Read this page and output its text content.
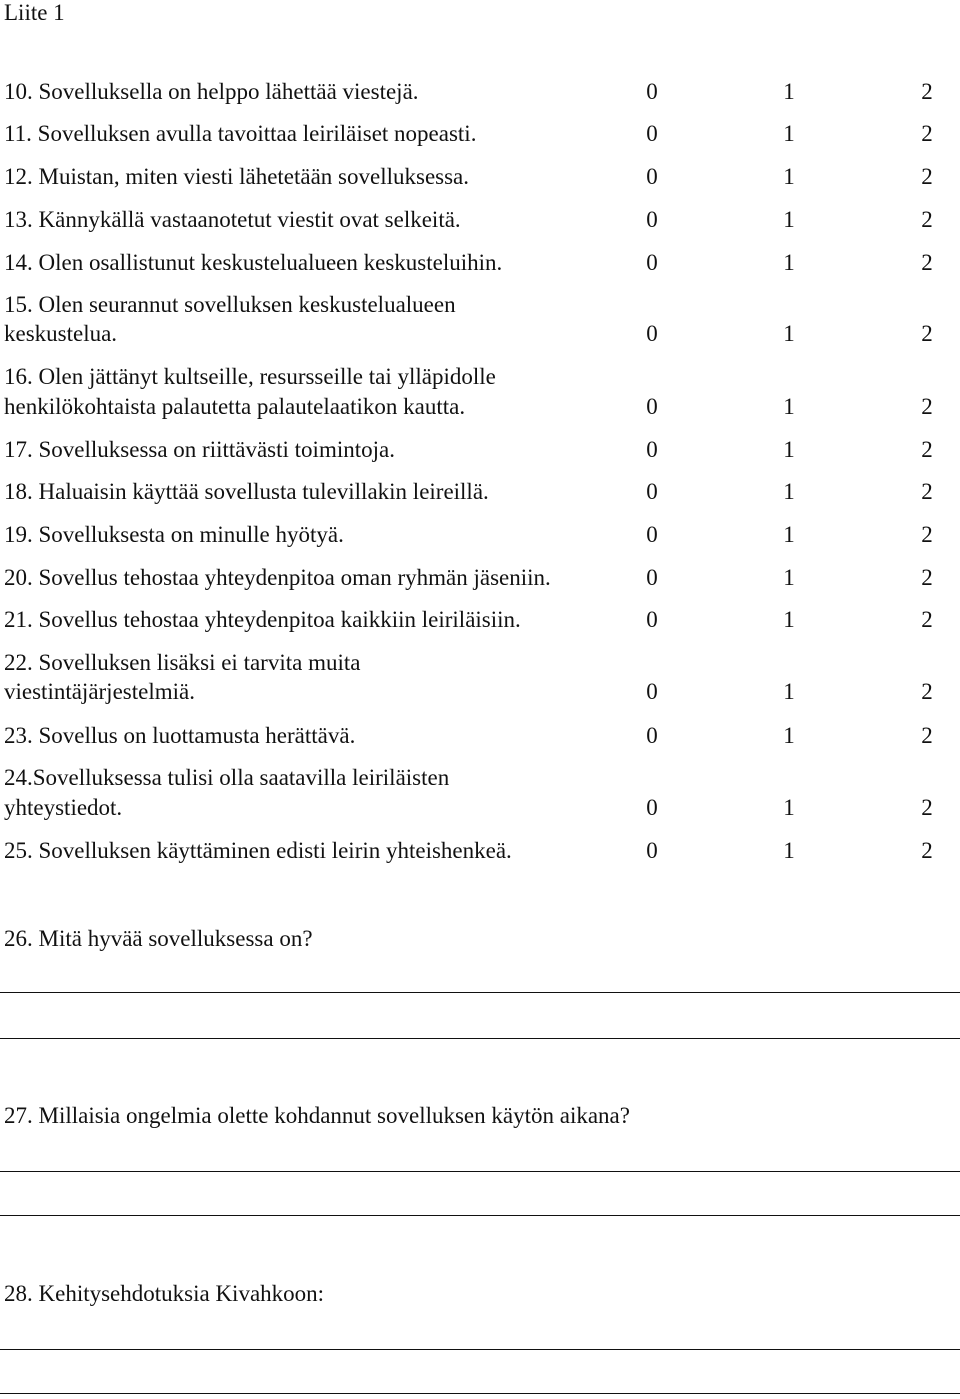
Liite 1
10. Sovelluksella on helppo lähettää viestejä.	0	1	2
11. Sovelluksen avulla tavoittaa leiriläiset nopeasti.	0	1	2
12. Muistan, miten viesti lähetetään sovelluksessa.	0	1	2
13. Kännykällä vastaanotetut viestit ovat selkeitä.	0	1	2
14. Olen osallistunut keskustelualueen keskusteluihin.	0	1	2
15. Olen seurannut sovelluksen keskustelualueen
keskustelua.	0	1	2
16. Olen jättänyt kultseille, resursseille tai ylläpidolle
henkilökohtaista palautetta palautelaatikon kautta.	0	1	2
17. Sovelluksessa on riittävästi toimintoja.	0	1	2
18. Haluaisin käyttää sovellusta tulevillakin leireillä.	0	1	2
19. Sovelluksesta on minulle hyötyä.	0	1	2
20. Sovellus tehostaa yhteydenpitoa oman ryhmän jäseniin.	0	1	2
21. Sovellus tehostaa yhteydenpitoa kaikkiin leiriläisiin.	0	1	2
22. Sovelluksen lisäksi ei tarvita muita
viestintäjärjestelmiä.	0	1	2
23. Sovellus on luottamusta herättävä.	0	1	2
24.Sovelluksessa tulisi olla saatavilla leiriläisten
yhteystiedot.	0	1	2
25. Sovelluksen käyttäminen edisti leirin yhteishenkeä.	0	1	2
26. Mitä hyvää sovelluksessa on?
27. Millaisia ongelmia olette kohdannut sovelluksen käytön aikana?
28. Kehitysehdotuksia Kivahkoon:
